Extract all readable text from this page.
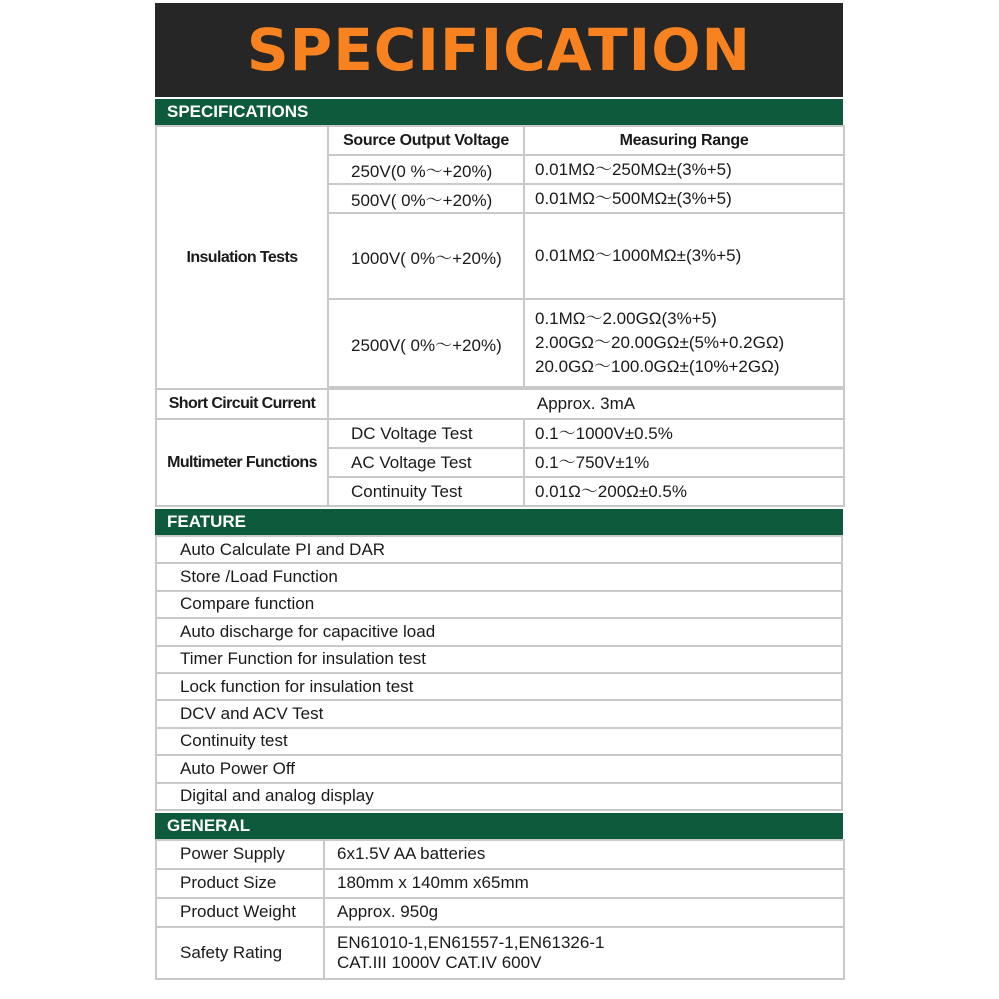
SPECIFICATION
SPECIFICATIONS
Insulation Tests	Source Output Voltage	Measuring Range
	250V(0 %～+20%)	0.01MΩ～250MΩ±(3%+5)
	500V( 0%～+20%)	0.01MΩ～500MΩ±(3%+5)
	1000V( 0%～+20%)	0.01MΩ～1000MΩ±(3%+5)
	2500V( 0%～+20%)	0.1MΩ～2.00GΩ(3%+5)
2.00GΩ～20.00GΩ±(5%+0.2GΩ)
20.0GΩ～100.0GΩ±(10%+2GΩ)

Short Circuit Current	Approx. 3mA	
Multimeter Functions	DC Voltage Test	0.1～1000V±0.5%
	AC Voltage Test	0.1～750V±1%
	Continuity Test	0.01Ω～200Ω±0.5%
FEATURE
Auto Calculate PI and DAR
Store /Load Function
Compare function
Auto discharge for capacitive load
Timer Function for insulation test
Lock function for insulation test
DCV and ACV Test
Continuity test
Auto Power Off
Digital and analog display
GENERAL
Power Supply	6x1.5V AA batteries
Product Size	180mm x 140mm x65mm
Product Weight	Approx. 950g
Safety Rating	EN61010-1,EN61557-1,EN61326-1
CAT.III 1000V CAT.IV 600V
